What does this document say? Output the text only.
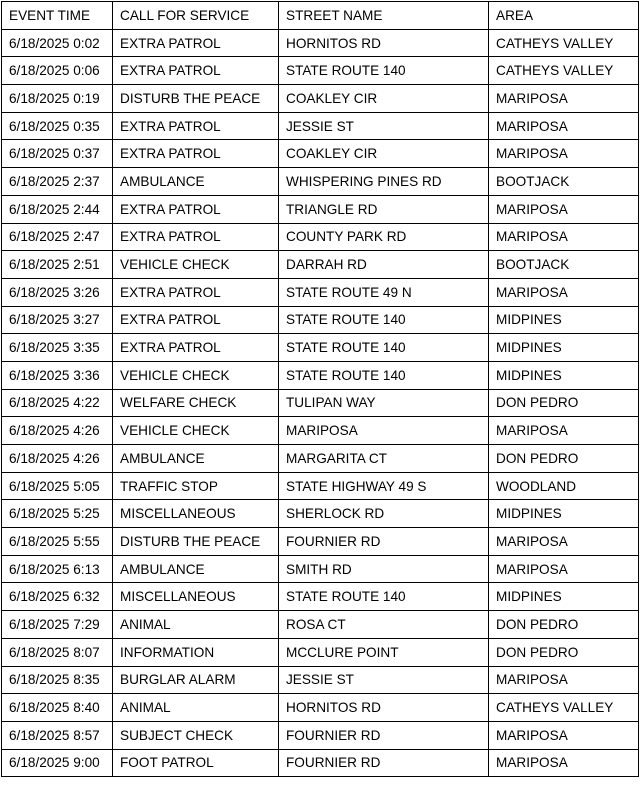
EVENT TIME	CALL FOR SERVICE	STREET NAME	AREA
6/18/2025 0:02	EXTRA PATROL	HORNITOS RD	CATHEYS VALLEY
6/18/2025 0:06	EXTRA PATROL	STATE ROUTE 140	CATHEYS VALLEY
6/18/2025 0:19	DISTURB THE PEACE	COAKLEY CIR	MARIPOSA
6/18/2025 0:35	EXTRA PATROL	JESSIE ST	MARIPOSA
6/18/2025 0:37	EXTRA PATROL	COAKLEY CIR	MARIPOSA
6/18/2025 2:37	AMBULANCE	WHISPERING PINES RD	BOOTJACK
6/18/2025 2:44	EXTRA PATROL	TRIANGLE RD	MARIPOSA
6/18/2025 2:47	EXTRA PATROL	COUNTY PARK RD	MARIPOSA
6/18/2025 2:51	VEHICLE CHECK	DARRAH RD	BOOTJACK
6/18/2025 3:26	EXTRA PATROL	STATE ROUTE 49 N	MARIPOSA
6/18/2025 3:27	EXTRA PATROL	STATE ROUTE 140	MIDPINES
6/18/2025 3:35	EXTRA PATROL	STATE ROUTE 140	MIDPINES
6/18/2025 3:36	VEHICLE CHECK	STATE ROUTE 140	MIDPINES
6/18/2025 4:22	WELFARE CHECK	TULIPAN WAY	DON PEDRO
6/18/2025 4:26	VEHICLE CHECK	MARIPOSA	MARIPOSA
6/18/2025 4:26	AMBULANCE	MARGARITA CT	DON PEDRO
6/18/2025 5:05	TRAFFIC STOP	STATE HIGHWAY 49 S	WOODLAND
6/18/2025 5:25	MISCELLANEOUS	SHERLOCK RD	MIDPINES
6/18/2025 5:55	DISTURB THE PEACE	FOURNIER RD	MARIPOSA
6/18/2025 6:13	AMBULANCE	SMITH RD	MARIPOSA
6/18/2025 6:32	MISCELLANEOUS	STATE ROUTE 140	MIDPINES
6/18/2025 7:29	ANIMAL	ROSA CT	DON PEDRO
6/18/2025 8:07	INFORMATION	MCCLURE POINT	DON PEDRO
6/18/2025 8:35	BURGLAR ALARM	JESSIE ST	MARIPOSA
6/18/2025 8:40	ANIMAL	HORNITOS RD	CATHEYS VALLEY
6/18/2025 8:57	SUBJECT CHECK	FOURNIER RD	MARIPOSA
6/18/2025 9:00	FOOT PATROL	FOURNIER RD	MARIPOSA
